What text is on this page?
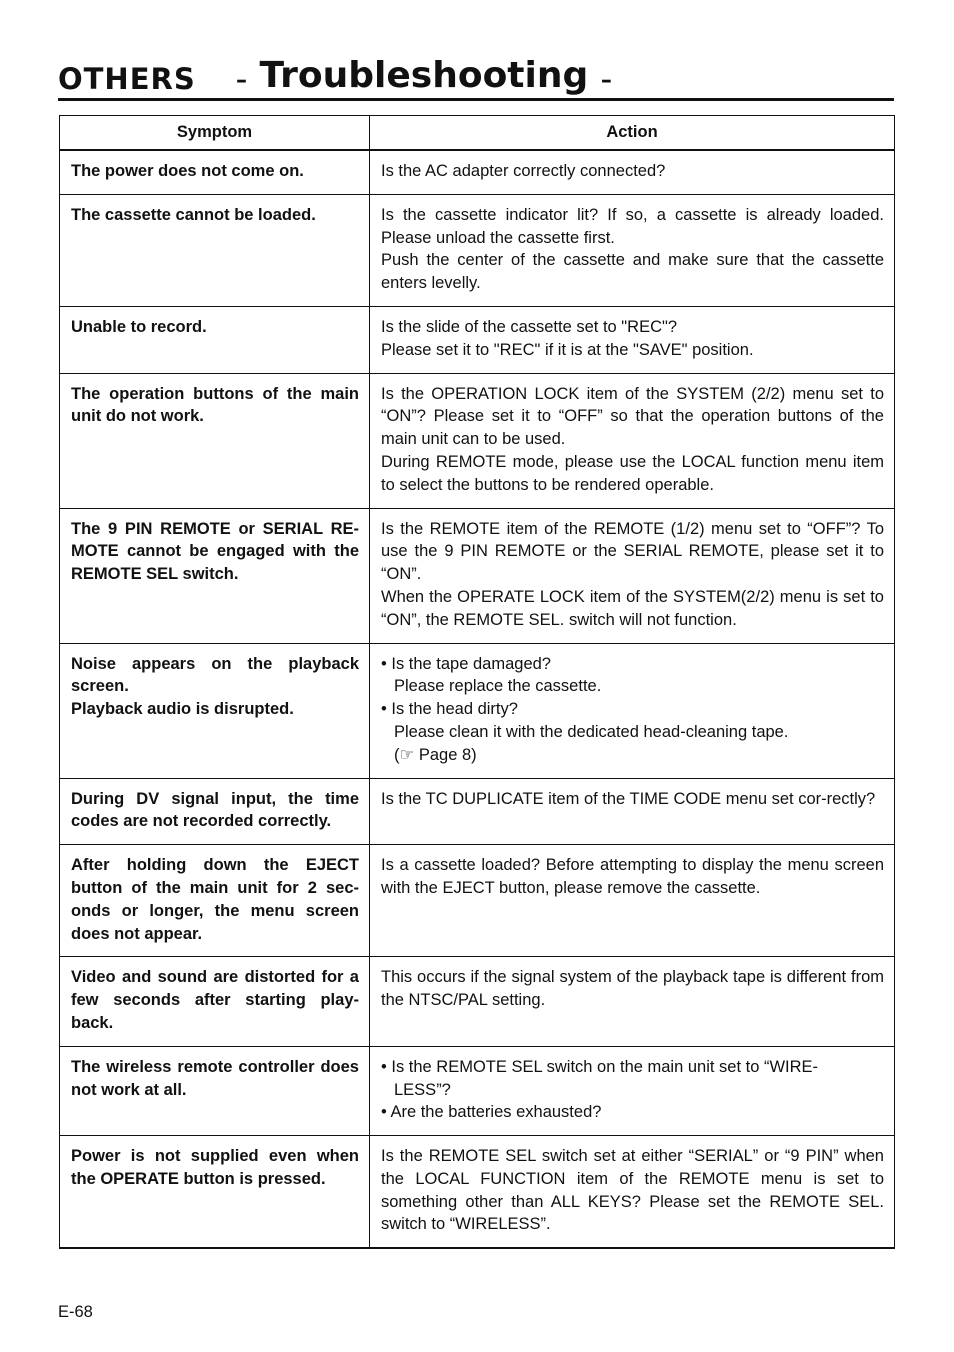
OTHERS – Troubleshooting –
Symptom	Action

The power does not come on.	Is the AC adapter correctly connected?

The cassette cannot be loaded.	Is the cassette indicator lit? If so, a cassette is already loaded. Please unload the cassette first.
Push the center of the cassette and make sure that the cassette enters levelly.

Unable to record.	Is the slide of the cassette set to "REC"?
Please set it to "REC" if it is at the "SAVE" position.

The operation buttons of the main unit do not work.	Is the OPERATION LOCK item of the SYSTEM (2/2) menu set to “ON”? Please set it to “OFF” so that the operation buttons of the main unit can to be used.
During REMOTE mode, please use the LOCAL function menu item to select the buttons to be rendered operable.

The 9 PIN REMOTE or SERIAL RE-MOTE cannot be engaged with the REMOTE SEL switch.	Is the REMOTE item of the REMOTE (1/2) menu set to “OFF”? To use the 9 PIN REMOTE or the SERIAL REMOTE, please set it to “ON”.
When the OPERATE LOCK item of the SYSTEM(2/2) menu is set to “ON”, the REMOTE SEL. switch will not function.

Noise appears on the playback screen.
Playback audio is disrupted.	• Is the tape damaged?
Please replace the cassette.
• Is the head dirty?
Please clean it with the dedicated head-cleaning tape.
(☞ Page 8)

During DV signal input, the time codes are not recorded correctly.	Is the TC DUPLICATE item of the TIME CODE menu set cor-rectly?

After holding down the EJECT button of the main unit for 2 sec-onds or longer, the menu screen does not appear.	Is a cassette loaded? Before attempting to display the menu screen with the EJECT button, please remove the cassette.

Video and sound are distorted for a few seconds after starting play-back.	This occurs if the signal system of the playback tape is different from the NTSC/PAL setting.

The wireless remote controller does not work at all.	• Is the REMOTE SEL switch on the main unit set to “WIRE-
LESS”?
• Are the batteries exhausted?

Power is not supplied even when the OPERATE button is pressed.	Is the REMOTE SEL switch set at either “SERIAL” or “9 PIN” when the LOCAL FUNCTION item of the REMOTE menu is set to something other than ALL KEYS? Please set the REMOTE SEL. switch to “WIRELESS”.
E-68
